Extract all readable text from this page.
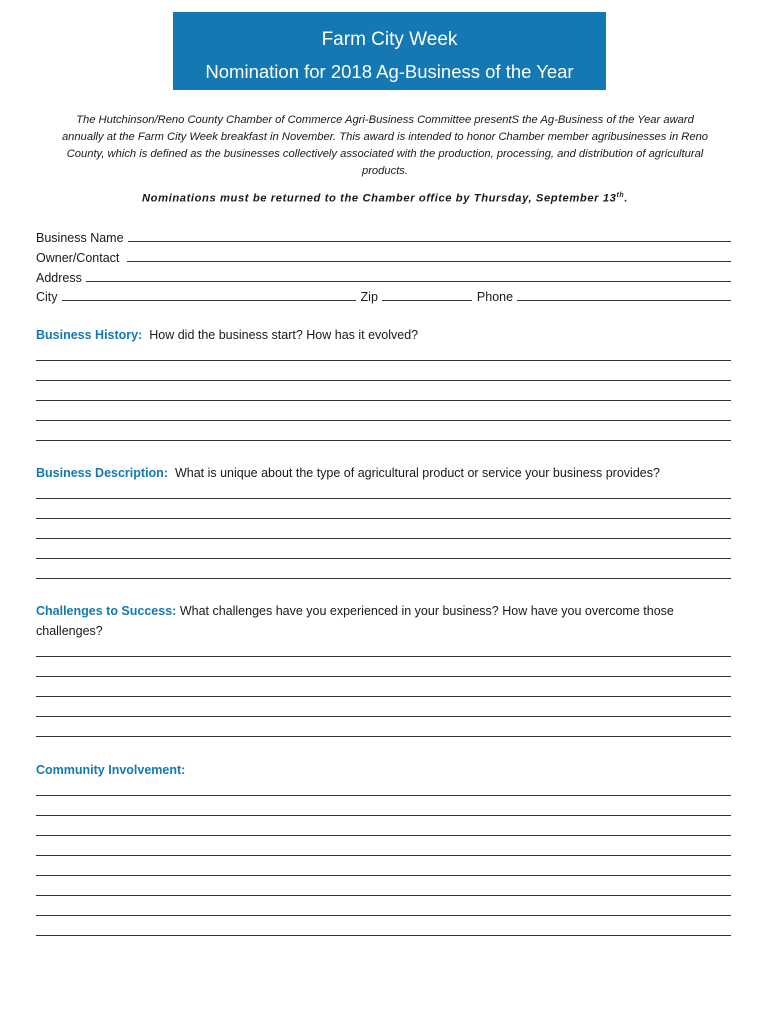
Farm City Week
Nomination for 2018 Ag-Business of the Year
The Hutchinson/Reno County Chamber of Commerce Agri-Business Committee presentS the Ag-Business of the Year award annually at the Farm City Week breakfast in November. This award is intended to honor Chamber member agribusinesses in Reno County, which is defined as the businesses collectively associated with the production, processing, and distribution of agricultural products.
Nominations must be returned to the Chamber office by Thursday, September 13th.
Business Name
Owner/Contact
Address
City	Zip	Phone
Business History: How did the business start? How has it evolved?
Business Description: What is unique about the type of agricultural product or service your business provides?
Challenges to Success: What challenges have you experienced in your business? How have you overcome those challenges?
Community Involvement:
